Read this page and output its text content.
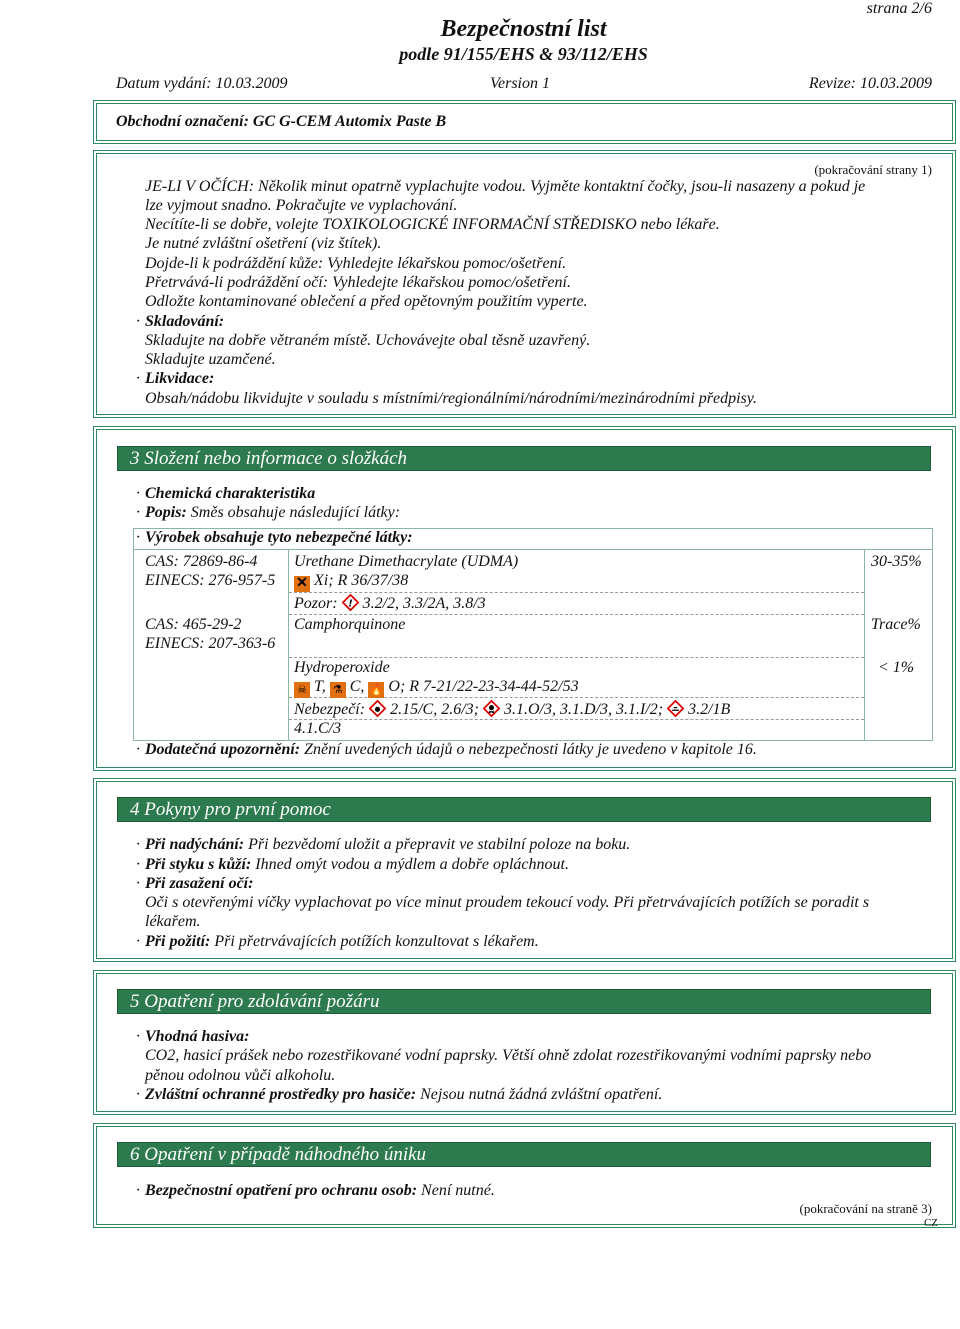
strana 2/6
Bezpečnostní list
podle 91/155/EHS & 93/112/EHS
Datum vydání: 10.03.2009	Version 1	Revize: 10.03.2009
Obchodní označení: GC G-CEM Automix Paste B
(pokračování strany 1)
JE-LI V OČÍCH: Několik minut opatrně vyplachujte vodou. Vyjměte kontaktní čočky, jsou-li nasazeny a pokud je
lze vyjmout snadno. Pokračujte ve vyplachování.
Necítíte-li se dobře, volejte TOXIKOLOGICKÉ INFORMAČNÍ STŘEDISKO nebo lékaře.
Je nutné zvláštní ošetření (viz štítek).
Dojde-li k podráždění kůže: Vyhledejte lékařskou pomoc/ošetření.
Přetrvává-li podráždění očí: Vyhledejte lékařskou pomoc/ošetření.
Odložte kontaminované oblečení a před opětovným použitím vyperte.
· Skladování:
Skladujte na dobře větraném místě. Uchovávejte obal těsně uzavřený.
Skladujte uzamčené.
· Likvidace:
Obsah/nádobu likvidujte v souladu s místními/regionálními/národními/mezinárodními předpisy.
3 Složení nebo informace o složkách
· Chemická charakteristika
· Popis: Směs obsahuje následující látky:
· Výrobek obsahuje tyto nebezpečné látky:
CAS: 72869-86-4
EINECS: 276-957-5
Urethane Dimethacrylate (UDMA)	30-35%
✕ Xi; R 36/37/38
Pozor: ! 3.2/2, 3.3/2A, 3.8/3
CAS: 465-29-2
EINECS: 207-363-6
Camphorquinone	Trace%
Hydroperoxide	< 1%
☠ T, ⚗ C, 🔥 O; R 7-21/22-23-34-44-52/53
Nebezpečí: 2.15/C, 2.6/3; 3.1.O/3, 3.1.D/3, 3.1.I/2; 3.2/1B
4.1.C/3
· Dodatečná upozornění: Znění uvedených údajů o nebezpečnosti látky je uvedeno v kapitole 16.
4 Pokyny pro první pomoc
· Při nadýchání: Při bezvědomí uložit a přepravit ve stabilní poloze na boku.
· Při styku s kůží: Ihned omýt vodou a mýdlem a dobře opláchnout.
· Při zasažení očí:
Oči s otevřenými víčky vyplachovat po více minut proudem tekoucí vody. Při přetrvávajících potížích se poradit s
lékařem.
· Při požití: Při přetrvávajících potížích konzultovat s lékařem.
5 Opatření pro zdolávání požáru
· Vhodná hasiva:
CO2, hasicí prášek nebo rozestřikované vodní paprsky. Větší ohně zdolat rozestřikovanými vodními paprsky nebo
pěnou odolnou vůči alkoholu.
· Zvláštní ochranné prostředky pro hasiče: Nejsou nutná žádná zvláštní opatření.
6 Opatření v případě náhodného úniku
· Bezpečnostní opatření pro ochranu osob: Není nutné.
(pokračování na straně 3)
CZ
